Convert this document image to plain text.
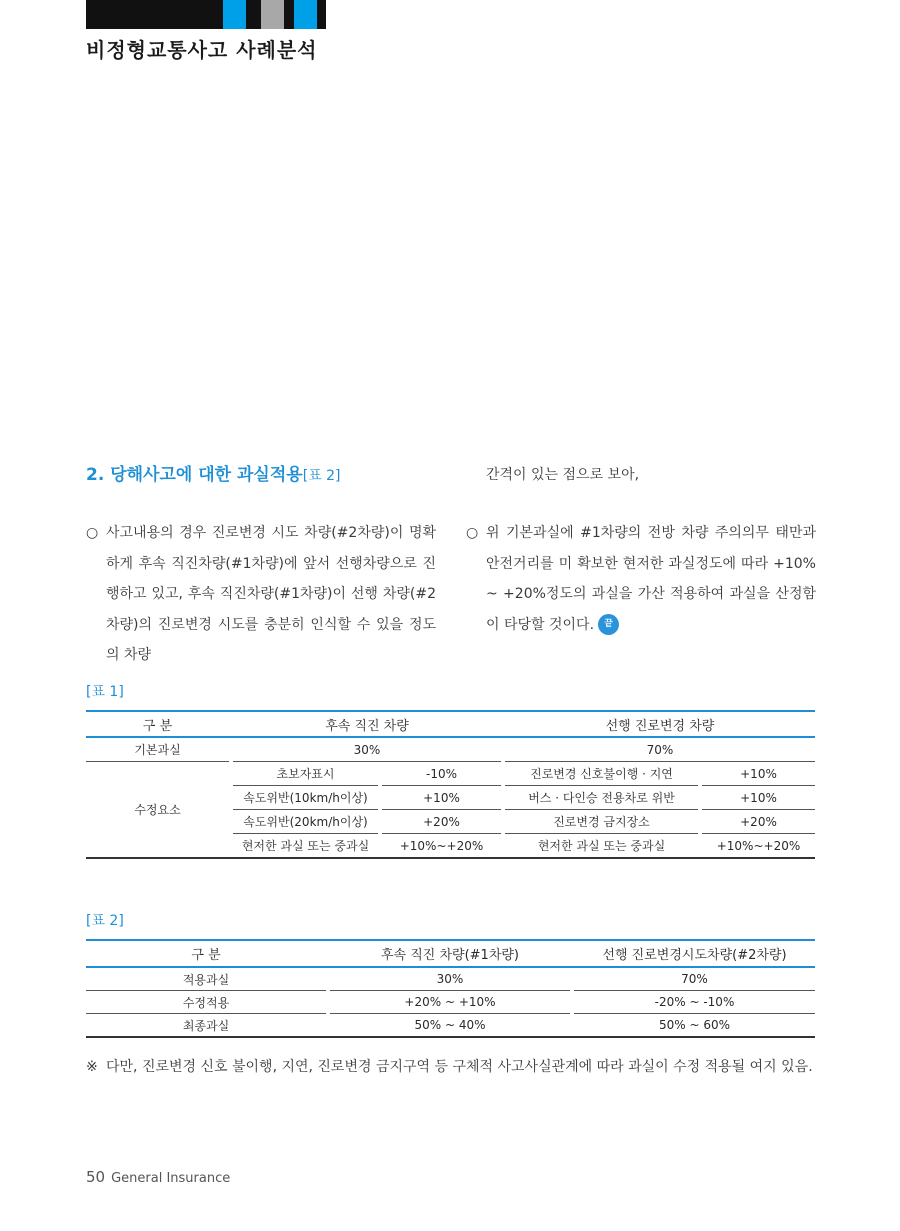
비정형교통사고 사례분석
2. 당해사고에 대한 과실적용[표 2]
○ 사고내용의 경우 진로변경 시도 차량(#2차량)이 명확하게 후속 직진차량(#1차량)에 앞서 선행차량으로 진행하고 있고, 후속 직진차량(#1차량)이 선행 차량(#2차량)의 진로변경 시도를 충분히 인식할 수 있을 정도의 차량
간격이 있는 점으로 보아,
○ 위 기본과실에 #1차량의 전방 차량 주의의무 태만과 안전거리를 미 확보한 현저한 과실정도에 따라 +10% ~ +20%정도의 과실을 가산 적용하여 과실을 산정함이 타당할 것이다. 끝

[표 1]

구 분		후속 직진 차량				선행 진로변경 차량		
기본과실		30%				70%		
수정요소		초보자표시		-10%		진로변경 신호불이행 · 지연		+10%
		속도위반(10km/h이상)		+10%		버스 · 다인승 전용차로 위반		+10%
		속도위반(20km/h이상)		+20%		진로변경 금지장소		+20%
		현저한 과실 또는 중과실		+10%~+20%		현저한 과실 또는 중과실		+10%~+20%

[표 2]

구 분		후속 직진 차량(#1차량)		선행 진로변경시도차량(#2차량)
적용과실		30%		70%
수정적용		+20% ~ +10%		-20% ~ -10%
최종과실		50% ~ 40%		50% ~ 60%
※ 다만, 진로변경 신호 불이행, 지연, 진로변경 금지구역 등 구체적 사고사실관계에 따라 과실이 수정 적용될 여지 있음.
50 General Insurance
